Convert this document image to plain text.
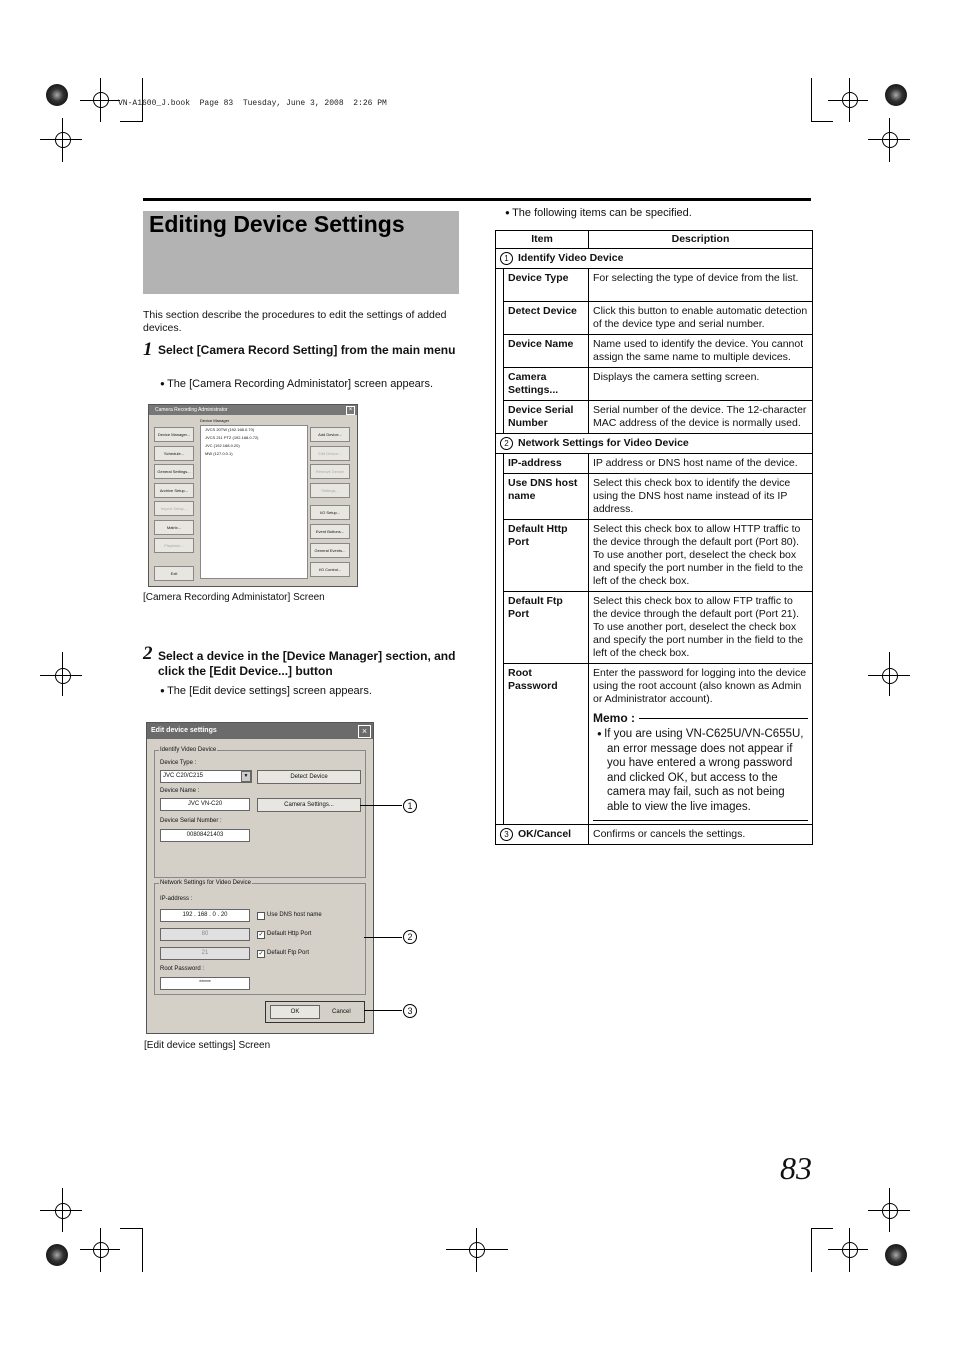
VN-A1600_J.book  Page 83  Tuesday, June 3, 2008  2:26 PM
Editing Device Settings
This section describe the procedures to edit the settings of added devices.
1 Select [Camera Record Setting] from the main menu
● The [Camera Recording Administator] screen appears.
Camera Recording Administrator	×
Device Manager
Device Manager...
Schedule...
General Settings...
Archive Setup...
Import Setup...
Matrix...
Playback...
Exit
JVCS 20TW (192.168.0.70)
JVCS 211 PTZ (192.168.0.72)
JVC (192.168.0.20)
MW (127.0.0.1)
Add Device...
Edit Device...
Remove Device
Settings...
I/O Setup...
Event Buttons...
General Events...
I/O Control...
[Camera Recording Administator] Screen
2 Select a device in the [Device Manager] section, and click the [Edit Device...] button
● The [Edit device settings] screen appears.
Edit device settings	×
Identify Video Device
Device Type :
JVC C20/C215	▼	Detect Device
Device Name :
JVC VN-C20	Camera Settings...
Device Serial Number :
00808421403
Network Settings for Video Device
IP-address :
192 . 168 . 0 . 20	Use DNS host name
80	✓ Default Http Port
21	✓ Default Ftp Port
Root Password :
******
OK	Cancel
1
2
3
[Edit device settings] Screen
● The following items can be specified.
Item		Description
1 Identify Video Device		
	Device Type	For selecting the type of device from the list.
	Detect Device	Click this button to enable automatic detection of the device type and serial number.
	Device Name	Name used to identify the device. You cannot assign the same name to multiple devices.
	Camera Settings...	Displays the camera setting screen.
	Device Serial Number	Serial number of the device. The 12-character MAC address of the device is normally used.
2 Network Settings for Video Device		
	IP-address	IP address or DNS host name of the device.
	Use DNS host name	Select this check box to identify the device using the DNS host name instead of its IP address.
	Default Http Port	Select this check box to allow HTTP traffic to the device through the default port (Port 80).
To use another port, deselect the check box and specify the port number in the field to the left of the check box.
	Default Ftp Port	Select this check box to allow FTP traffic to the device through the default port (Port 21).
To use another port, deselect the check box and specify the port number in the field to the left of the check box.
	Root Password	Enter the password for logging into the device using the root account (also known as Admin or Administrator account).
Memo :
● If you are using VN-C625U/VN-C655U, an error message does not appear if you have entered a wrong password and clicked OK, but access to the camera may fail, such as not being able to view the live images.

3 OK/Cancel		Confirms or cancels the settings.
83
